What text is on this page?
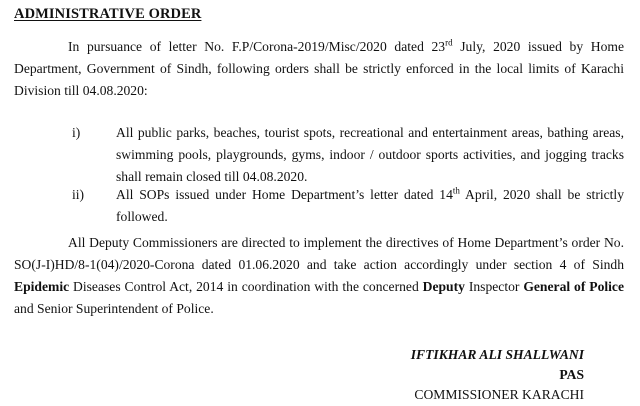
ADMINISTRATIVE ORDER
In pursuance of letter No. F.P/Corona-2019/Misc/2020 dated 23rd July, 2020 issued by Home Department, Government of Sindh, following orders shall be strictly enforced in the local limits of Karachi Division till 04.08.2020:
i)	All public parks, beaches, tourist spots, recreational and entertainment areas, bathing areas, swimming pools, playgrounds, gyms, indoor / outdoor sports activities, and jogging tracks shall remain closed till 04.08.2020.
ii) All SOPs issued under Home Department’s letter dated 14th April, 2020 shall be strictly followed.
All Deputy Commissioners are directed to implement the directives of Home Department’s order No. SO(J-I)HD/8-1(04)/2020-Corona dated 01.06.2020 and take action accordingly under section 4 of Sindh Epidemic Diseases Control Act, 2014 in coordination with the concerned Deputy Inspector General of Police and Senior Superintendent of Police.
IFTIKHAR ALI SHALLWANI
PAS
COMMISSIONER KARACHI
